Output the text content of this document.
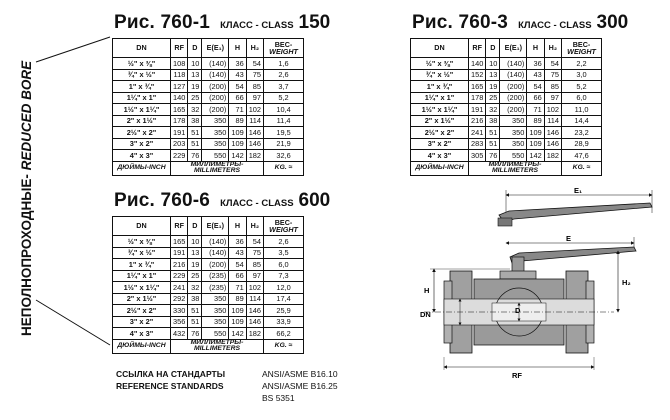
НЕПОЛНОПРОХОДНЫЕ- REDUCED BORE
Рис. 760-1 КЛАСС - CLASS 150
DN	RF	D	E(E₁)	H	H₂	ВЕС-WEIGHT
½" x ⅜"	108	10	(140)	36	54	1,6
¾" x ½"	118	13	(140)	43	75	2,6
1" x ¾"	127	19	(200)	54	85	3,7
1¼" x 1"	140	25	(200)	66	97	5,2
1½" x 1¼"	165	32	(200)	71	102	10,4
2" x 1½"	178	38	350	89	114	11,4
2½" x 2"	191	51	350	109	146	19,5
3" x 2"	203	51	350	109	146	21,9
4" x 3"	229	76	550	142	182	32,6
ДЮЙМЫ-INCH	МИЛЛИМЕТРЫ-MILLIMETERS					KG. ≈
Рис. 760-3 КЛАСС - CLASS 300
DN	RF	D	E(E₁)	H	H₂	ВЕС-WEIGHT
½" x ⅜"	140	10	(140)	36	54	2,2
¾" x ½"	152	13	(140)	43	75	3,0
1" x ¾"	165	19	(200)	54	85	5,2
1¼" x 1"	178	25	(200)	66	97	6,0
1½" x 1¼"	191	32	(200)	71	102	11,0
2" x 1½"	216	38	350	89	114	14,4
2½" x 2"	241	51	350	109	146	23,2
3" x 2"	283	51	350	109	146	28,9
4" x 3"	305	76	550	142	182	47,6
ДЮЙМЫ-INCH	МИЛЛИМЕТРЫ-MILLIMETERS					KG. ≈
Рис. 760-6 КЛАСС - CLASS 600
DN	RF	D	E(E₁)	H	H₂	ВЕС-WEIGHT
½" x ⅜"	165	10	(140)	36	54	2,6
¾" x ½"	191	13	(140)	43	75	3,5
1" x ¾"	216	19	(200)	54	85	6,0
1¼" x 1"	229	25	(235)	66	97	7,3
1½" x 1¼"	241	32	(235)	71	102	12,0
2" x 1½"	292	38	350	89	114	17,4
2½" x 2"	330	51	350	109	146	25,9
3" x 2"	356	51	350	109	146	33,9
4" x 3"	432	76	550	142	182	66,2
ДЮЙМЫ-INCH	МИЛЛИМЕТРЫ-MILLIMETERS					KG. ≈
ССЫЛКА НА СТАНДАРТЫ
REFERENCE STANDARDS
ANSI/ASME B16.10
ANSI/ASME B16.25
BS 5351
E₁
E
H
H₂
DN	D
RF
